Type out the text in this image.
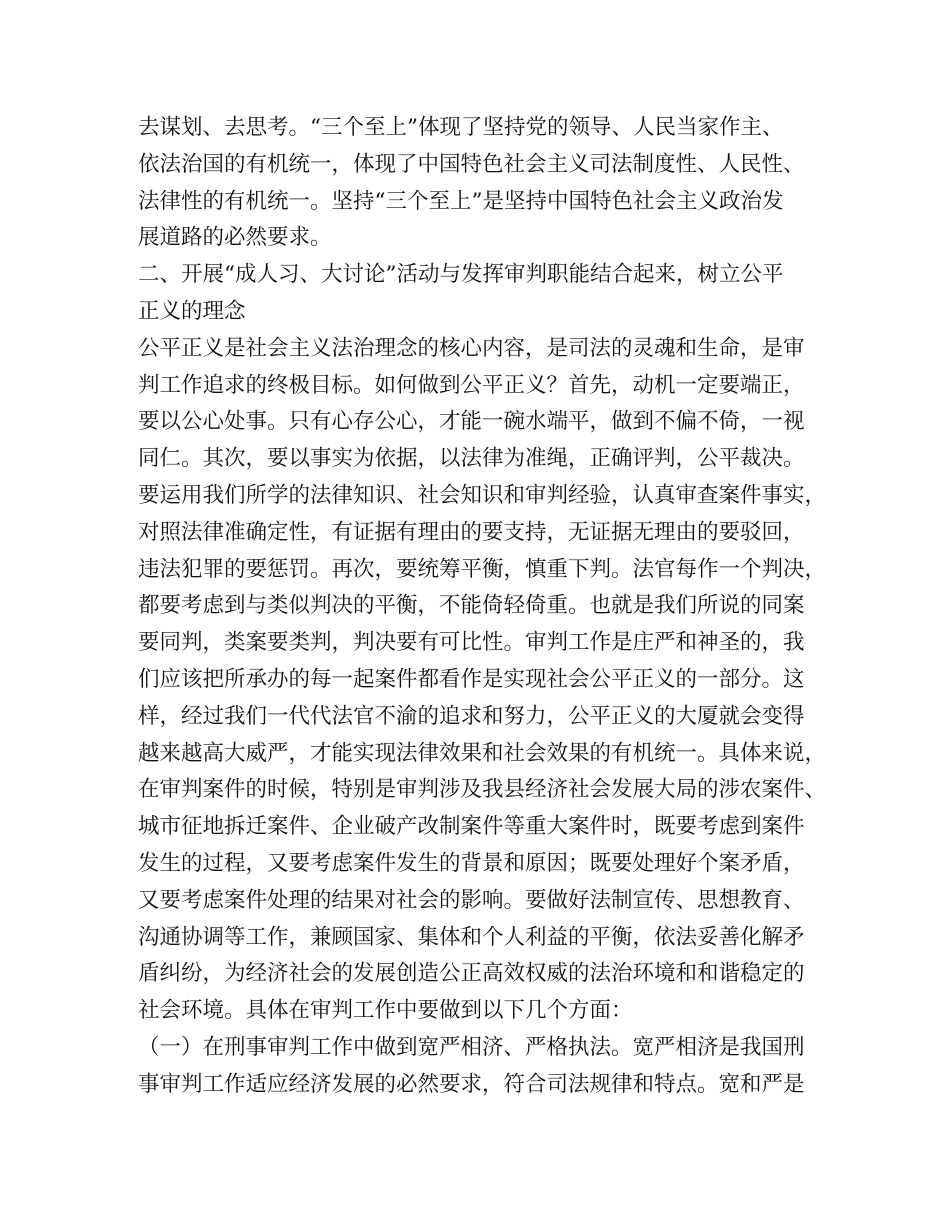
去谋划、去思考。“三个至上”体现了坚持党的领导、人民当家作主、
依法治国的有机统一，体现了中国特色社会主义司法制度性、人民性、
法律性的有机统一。坚持“三个至上”是坚持中国特色社会主义政治发
展道路的必然要求。
二、开展“成人习、大讨论”活动与发挥审判职能结合起来，树立公平
正义的理念
公平正义是社会主义法治理念的核心内容，是司法的灵魂和生命，是审
判工作追求的终极目标。如何做到公平正义？首先，动机一定要端正，
要以公心处事。只有心存公心，才能一碗水端平，做到不偏不倚，一视
同仁。其次，要以事实为依据，以法律为准绳，正确评判，公平裁决。
要运用我们所学的法律知识、社会知识和审判经验，认真审查案件事实，
对照法律准确定性，有证据有理由的要支持，无证据无理由的要驳回，
违法犯罪的要惩罚。再次，要统筹平衡，慎重下判。法官每作一个判决，
都要考虑到与类似判决的平衡，不能倚轻倚重。也就是我们所说的同案
要同判，类案要类判，判决要有可比性。审判工作是庄严和神圣的，我
们应该把所承办的每一起案件都看作是实现社会公平正义的一部分。这
样，经过我们一代代法官不渝的追求和努力，公平正义的大厦就会变得
越来越高大威严，才能实现法律效果和社会效果的有机统一。具体来说，
在审判案件的时候，特别是审判涉及我县经济社会发展大局的涉农案件、
城市征地拆迁案件、企业破产改制案件等重大案件时，既要考虑到案件
发生的过程，又要考虑案件发生的背景和原因；既要处理好个案矛盾，
又要考虑案件处理的结果对社会的影响。要做好法制宣传、思想教育、
沟通协调等工作，兼顾国家、集体和个人利益的平衡，依法妥善化解矛
盾纠纷，为经济社会的发展创造公正高效权威的法治环境和和谐稳定的
社会环境。具体在审判工作中要做到以下几个方面：
（一）在刑事审判工作中做到宽严相济、严格执法。宽严相济是我国刑
事审判工作适应经济发展的必然要求，符合司法规律和特点。宽和严是
